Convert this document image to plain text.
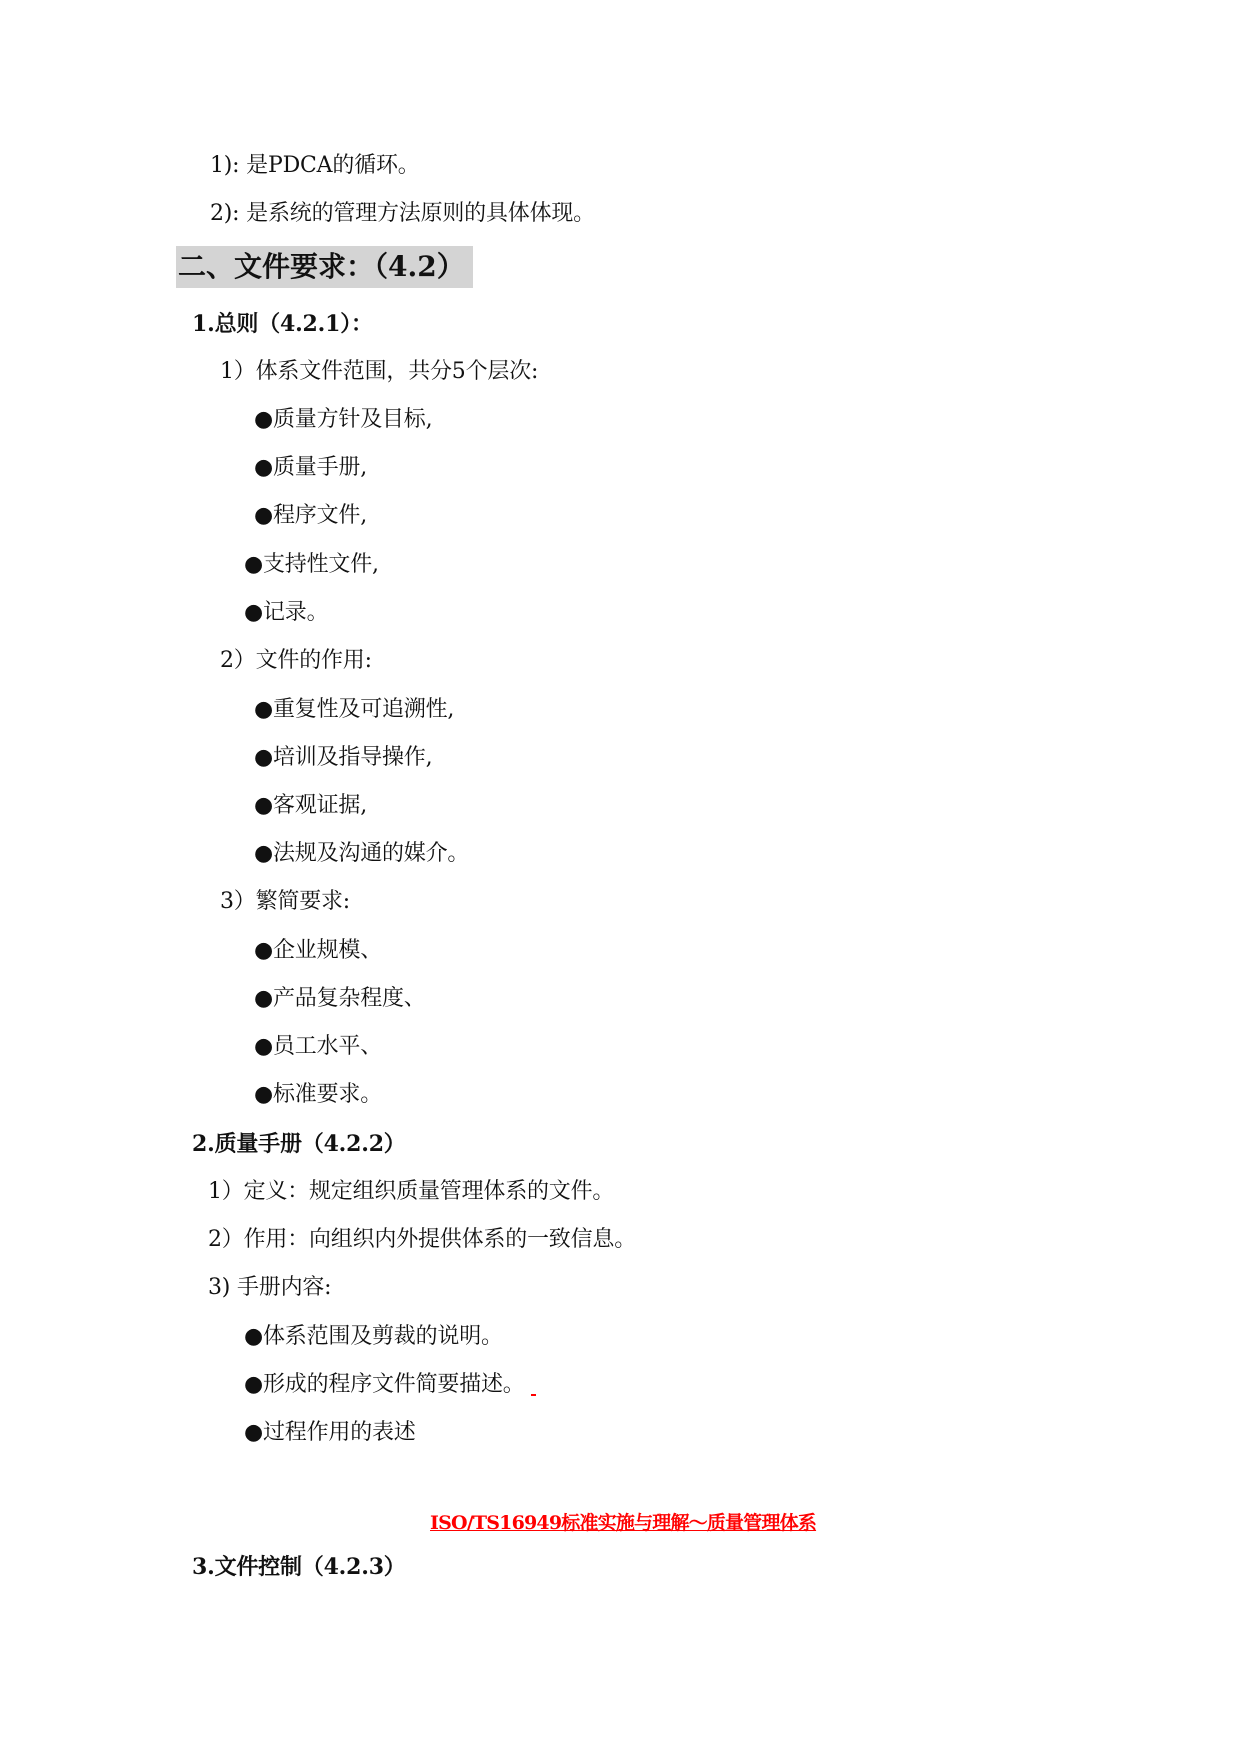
1): 是PDCA的循环。
2): 是系统的管理方法原则的具体体现。
二、文件要求：（4.2）
1.总则（4.2.1）：
1）体系文件范围，共分5个层次:
●质量方针及目标,
●质量手册,
●程序文件,
●支持性文件,
●记录。
2）文件的作用:
●重复性及可追溯性,
●培训及指导操作,
●客观证据,
●法规及沟通的媒介。
3）繁简要求:
●企业规模、
●产品复杂程度、
●员工水平、
●标准要求。
2.质量手册（4.2.2）
1）定义：规定组织质量管理体系的文件。
2）作用：向组织内外提供体系的一致信息。
3) 手册内容:
●体系范围及剪裁的说明。
●形成的程序文件简要描述。
●过程作用的表述
ISO/TS16949标准实施与理解～质量管理体系
3.文件控制（4.2.3）
